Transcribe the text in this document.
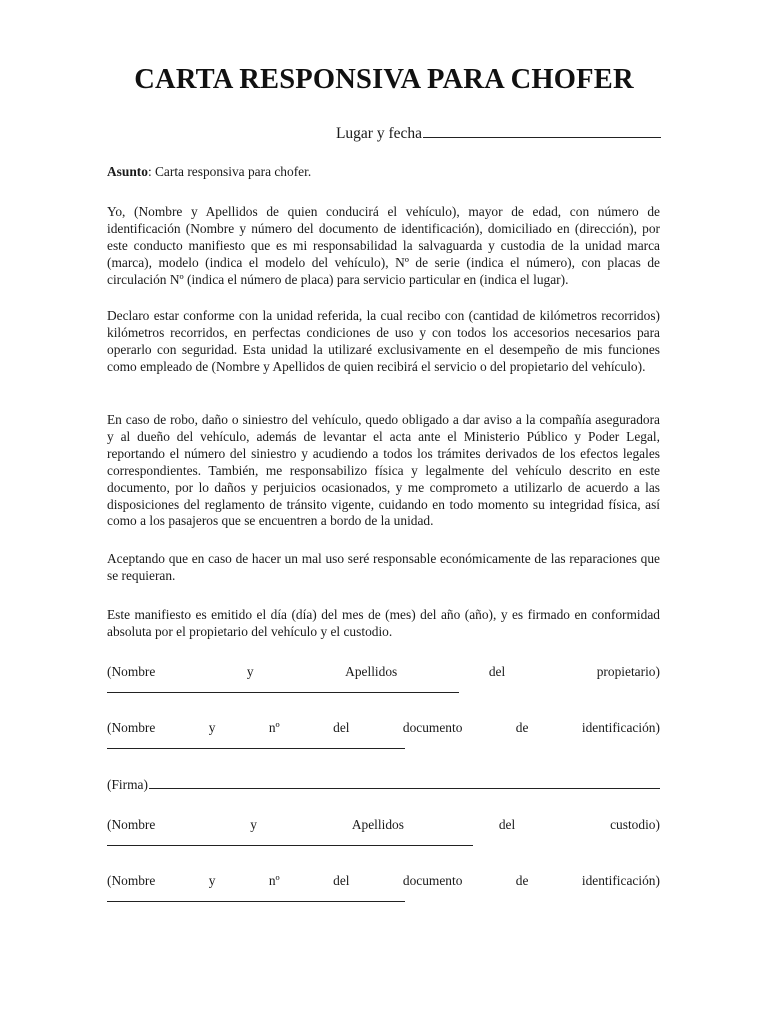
CARTA RESPONSIVA PARA CHOFER
Lugar y fecha

Asunto: Carta responsiva para chofer.

Yo, (Nombre y Apellidos de quien conducirá el vehículo), mayor de edad, con número de identificación (Nombre y número del documento de identificación), domiciliado en (dirección), por este conducto manifiesto que es mi responsabilidad la salvaguarda y custodia de la unidad marca (marca), modelo (indica el modelo del vehículo), Nº de serie (indica el número), con placas de circulación Nº (indica el número de placa) para servicio particular en (indica el lugar).

Declaro estar conforme con la unidad referida, la cual recibo con (cantidad de kilómetros recorridos) kilómetros recorridos, en perfectas condiciones de uso y con todos los accesorios necesarios para operarlo con seguridad. Esta unidad la utilizaré exclusivamente en el desempeño de mis funciones como empleado de (Nombre y Apellidos de quien recibirá el servicio o del propietario del vehículo).

En caso de robo, daño o siniestro del vehículo, quedo obligado a dar aviso a la compañía aseguradora y al dueño del vehículo, además de levantar el acta ante el Ministerio Público y Poder Legal, reportando el número del siniestro y acudiendo a todos los trámites derivados de los efectos legales correspondientes. También, me responsabilizo física y legalmente del vehículo descrito en este documento, por lo daños y perjuicios ocasionados, y me comprometo a utilizarlo de acuerdo a las disposiciones del reglamento de tránsito vigente, cuidando en todo momento su integridad física, así como a los pasajeros que se encuentren a bordo de la unidad.

Aceptando que en caso de hacer un mal uso seré responsable económicamente de las reparaciones que se requieran.

Este manifiesto es emitido el día (día) del mes de (mes) del año (año), y es firmado en conformidad absoluta por el propietario del vehículo y el custodio.

(Nombre	y	Apellidos	del	propietario)
(Nombre	y	nº	del	documento	de	identificación)
(Firma)
(Nombre	y	Apellidos	del	custodio)
(Nombre	y	nº	del	documento	de	identificación)
